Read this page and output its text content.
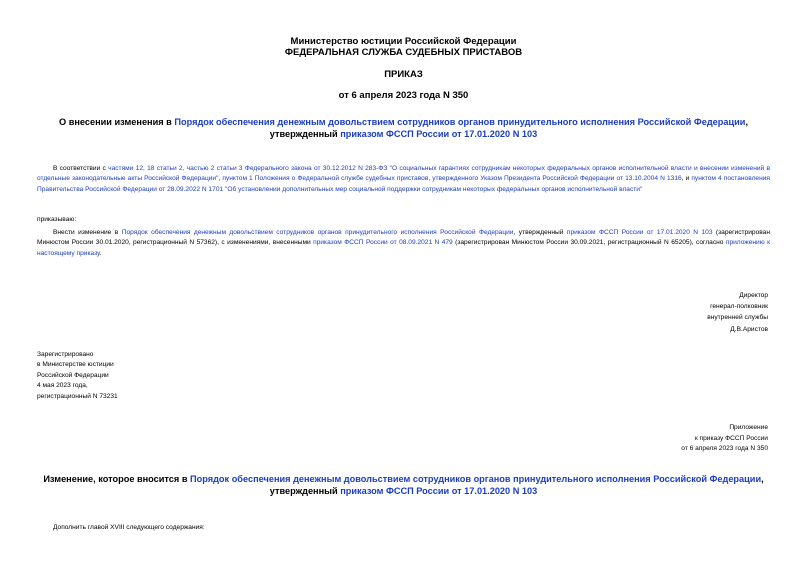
Министерство юстиции Российской Федерации
ФЕДЕРАЛЬНАЯ СЛУЖБА СУДЕБНЫХ ПРИСТАВОВ
ПРИКАЗ
от 6 апреля 2023 года N 350
О внесении изменения в Порядок обеспечения денежным довольствием сотрудников органов принудительного исполнения Российской Федерации, утвержденный приказом ФССП России от 17.01.2020 N 103
В соответствии с частями 12, 18 статьи 2, частью 2 статьи 3 Федерального закона от 30.12.2012 N 283-ФЗ "О социальных гарантиях сотрудникам некоторых федеральных органов исполнительной власти и внесении изменений в отдельные законодательные акты Российской Федерации", пунктом 1 Положения о Федеральной службе судебных приставов, утвержденного Указом Президента Российской Федерации от 13.10.2004 N 1316, и пунктом 4 постановления Правительства Российской Федерации от 28.09.2022 N 1701 "Об установлении дополнительных мер социальной поддержки сотрудникам некоторых федеральных органов исполнительной власти"
приказываю:
Внести изменение в Порядок обеспечения денежным довольствием сотрудников органов принудительного исполнения Российской Федерации, утвержденный приказом ФССП России от 17.01.2020 N 103 (зарегистрирован Минюстом России 30.01.2020, регистрационный N 57362), с изменениями, внесенными приказом ФССП России от 08.09.2021 N 479 (зарегистрирован Минюстом России 30.09.2021, регистрационный N 65205), согласно приложению к настоящему приказу.
Директор
генерал-полковник
внутренней службы
Д.В.Аристов
Зарегистрировано
в Министерстве юстиции
Российской Федерации
4 мая 2023 года,
регистрационный N 73231
Приложение
к приказу ФССП России
от 6 апреля 2023 года N 350
Изменение, которое вносится в Порядок обеспечения денежным довольствием сотрудников органов принудительного исполнения Российской Федерации, утвержденный приказом ФССП России от 17.01.2020 N 103
Дополнить главой XVIII следующего содержания:
